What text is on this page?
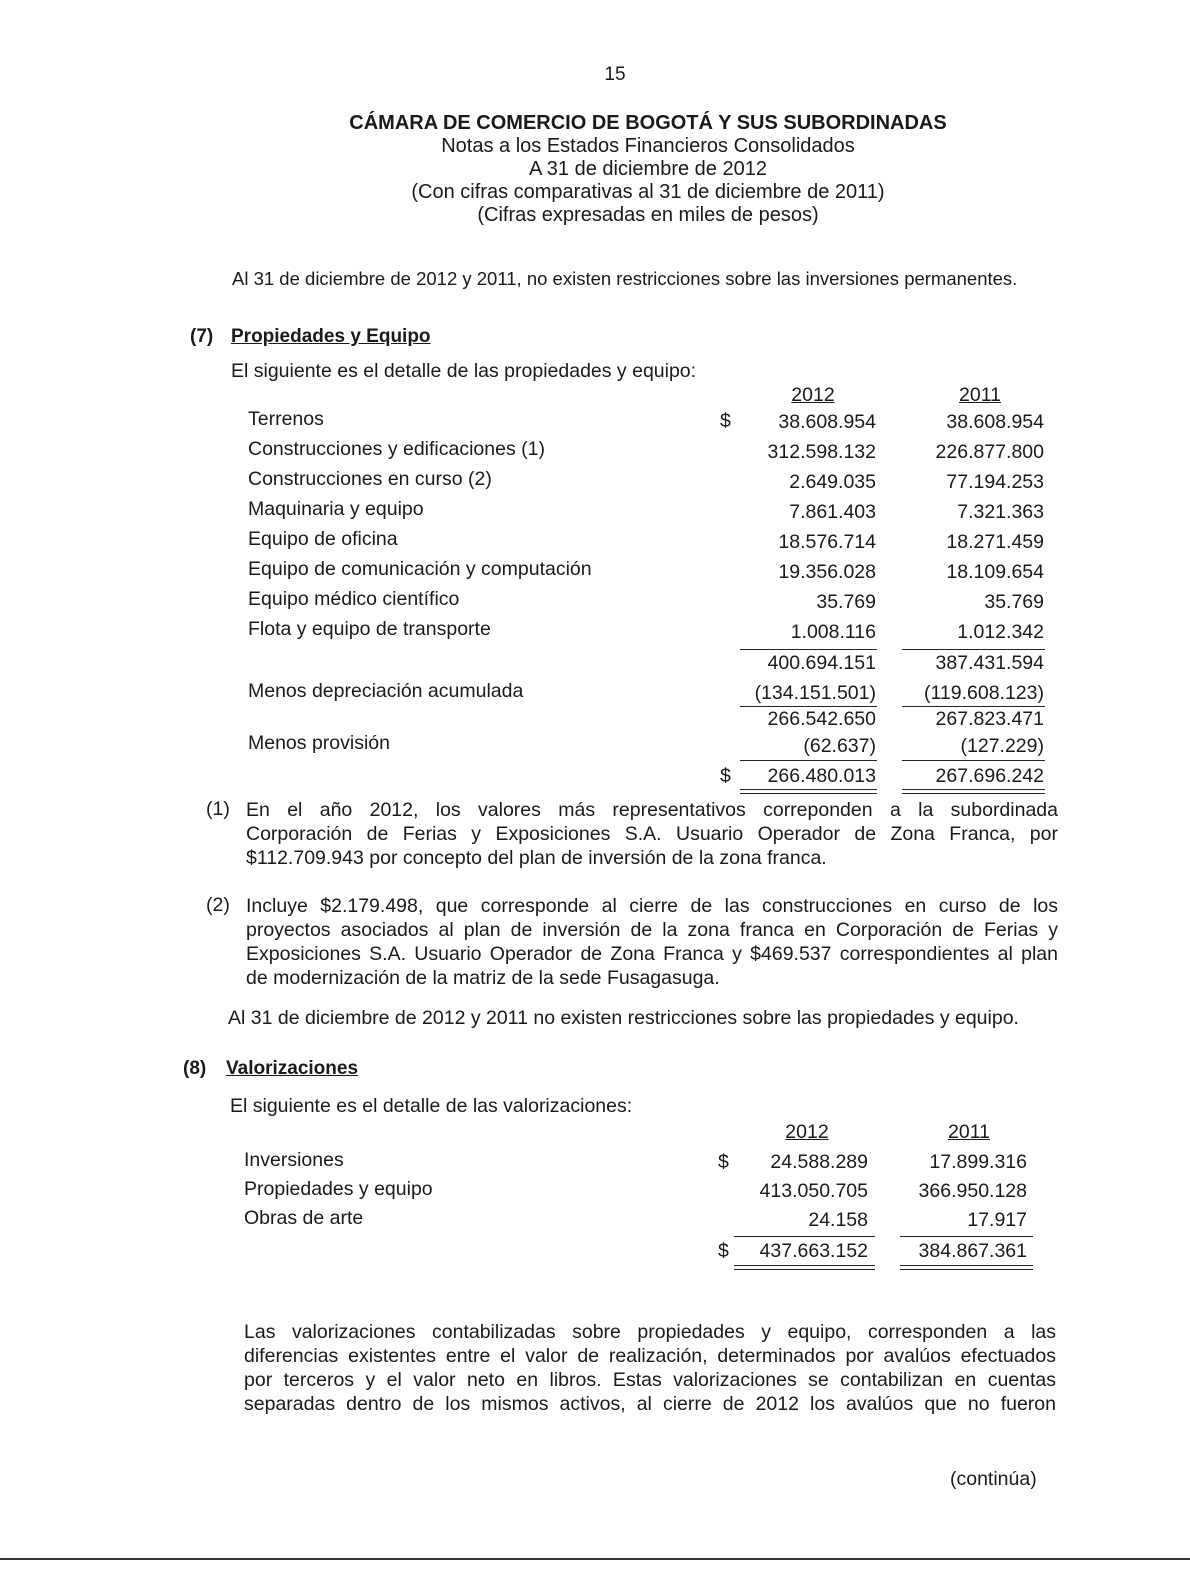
15
CÁMARA DE COMERCIO DE BOGOTÁ Y SUS SUBORDINADAS
Notas a los Estados Financieros Consolidados
A 31 de diciembre de 2012
(Con cifras comparativas al 31 de diciembre de 2011)
(Cifras expresadas en miles de pesos)
Al 31 de diciembre de 2012 y 2011, no existen restricciones sobre las inversiones permanentes.
(7) Propiedades y Equipo
El siguiente es el detalle de las propiedades y equipo:
2012	2011
Terrenos	38.608.954	38.608.954
Construcciones y edificaciones (1)	312.598.132	226.877.800
Construcciones en curso (2)	2.649.035	77.194.253
Maquinaria y equipo	7.861.403	7.321.363
Equipo de oficina	18.576.714	18.271.459
Equipo de comunicación y computación	19.356.028	18.109.654
Equipo médico científico	35.769	35.769
Flota y equipo de transporte	1.008.116	1.012.342
$
400.694.151	387.431.594
Menos depreciación acumulada	(134.151.501)	(119.608.123)
266.542.650	267.823.471
Menos provisión	(62.637)	(127.229)
$	266.480.013	267.696.242
(1) En el año 2012, los valores más representativos correponden a la subordinada
Corporación de Ferias y Exposiciones S.A. Usuario Operador de Zona Franca, por
$112.709.943 por concepto del plan de inversión de la zona franca.
(2) Incluye $2.179.498, que corresponde al cierre de las construcciones en curso de los
proyectos asociados al plan de inversión de la zona franca en Corporación de Ferias y
Exposiciones S.A. Usuario Operador de Zona Franca y $469.537 correspondientes al plan
de modernización de la matriz de la sede Fusagasuga.
Al 31 de diciembre de 2012 y 2011 no existen restricciones sobre las propiedades y equipo.
(8) Valorizaciones
El siguiente es el detalle de las valorizaciones:
2012	2011
Inversiones	24.588.289	17.899.316
Propiedades y equipo	413.050.705	366.950.128
Obras de arte	24.158	17.917
$
$	437.663.152	384.867.361
Las valorizaciones contabilizadas sobre propiedades y equipo, corresponden a las
diferencias existentes entre el valor de realización, determinados por avalúos efectuados
por terceros y el valor neto en libros. Estas valorizaciones se contabilizan en cuentas
separadas dentro de los mismos activos, al cierre de 2012 los avalúos que no fueron
(continúa)
